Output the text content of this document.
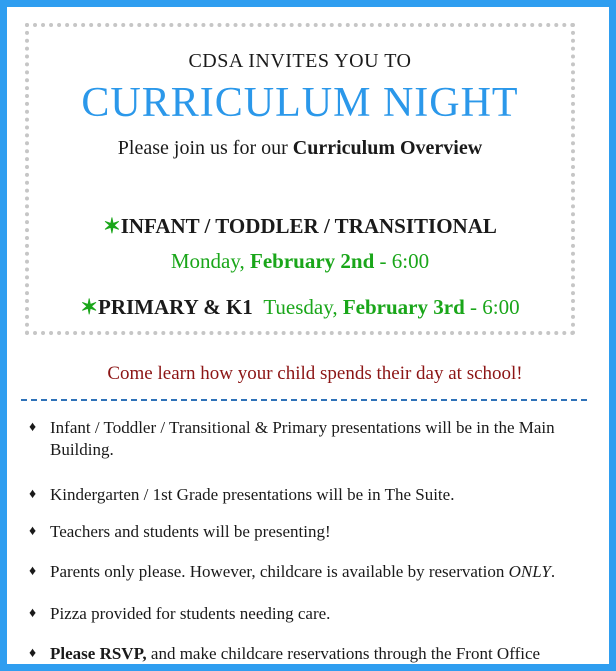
CDSA INVITES YOU TO
CURRICULUM NIGHT
Please join us for our Curriculum Overview
✶INFANT / TODDLER / TRANSITIONAL
Monday, February 2nd - 6:00
✶PRIMARY & K1 Tuesday, February 3rd - 6:00
Come learn how your child spends their day at school!
♦ Infant / Toddler / Transitional & Primary presentations will be in the Main Building.
♦ Kindergarten / 1st Grade presentations will be in The Suite.
♦ Teachers and students will be presenting!
♦ Parents only please. However, childcare is available by reservation ONLY.
♦ Pizza provided for students needing care.
♦ Please RSVP, and make childcare reservations through the Front Office
